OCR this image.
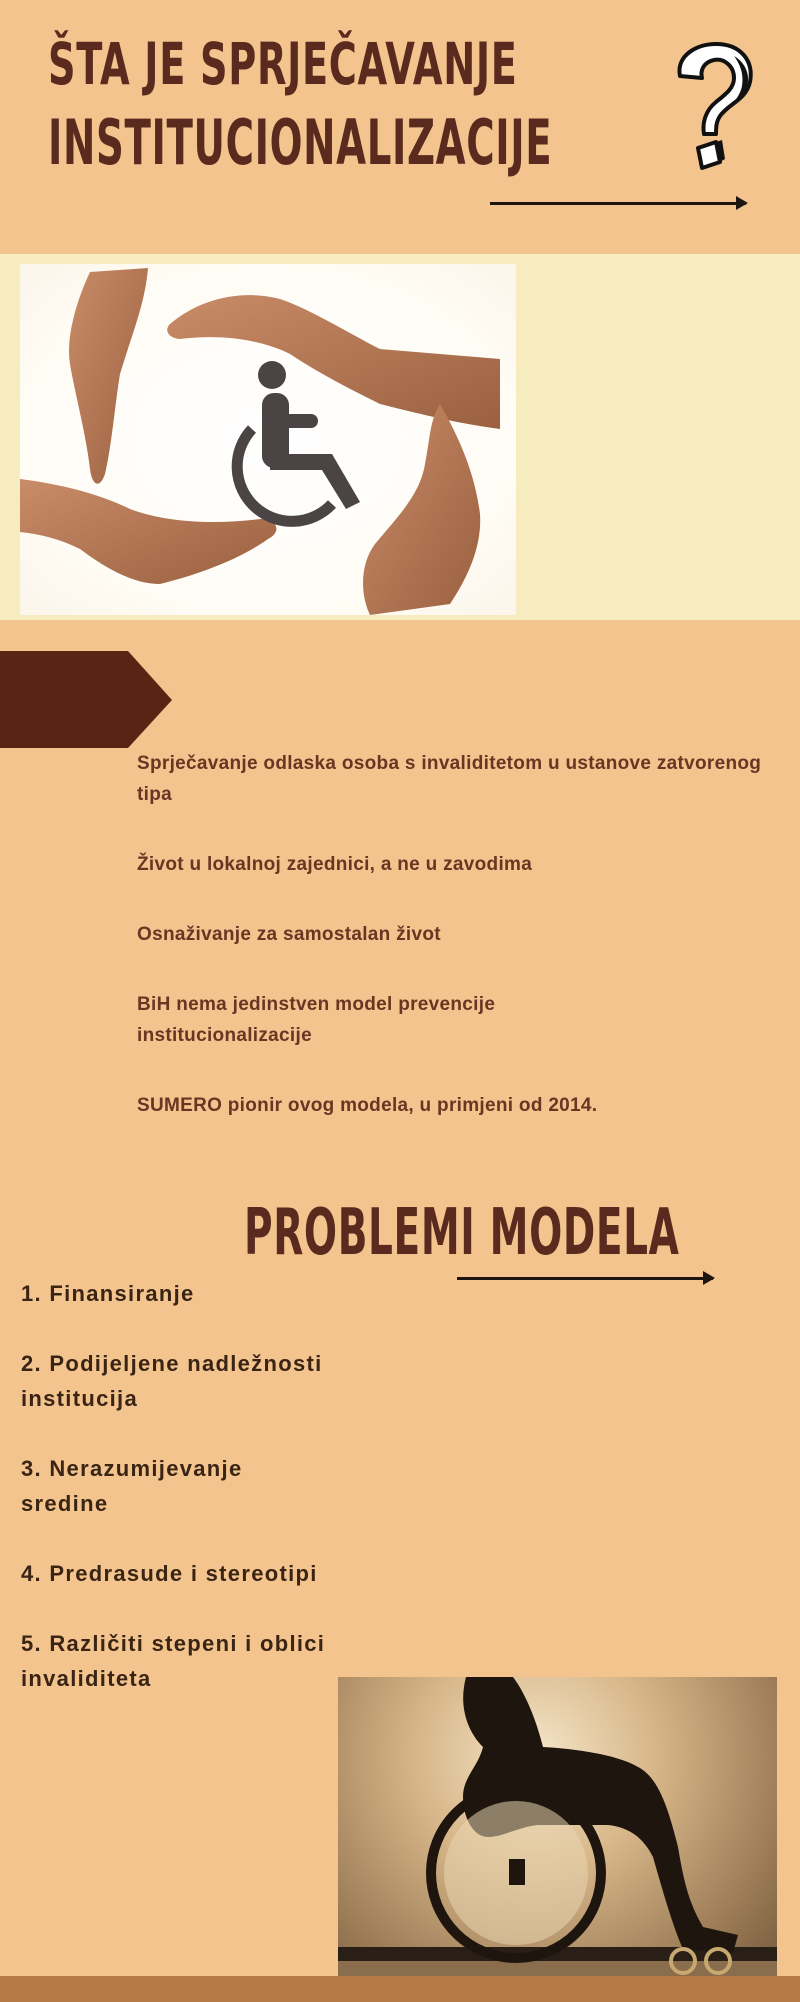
ŠTA JE SPRJEČAVANJE
INSTITUCIONALIZACIJE

Sprječavanje odlaska osoba s invaliditetom u ustanove zatvorenog tipa

Život u lokalnoj zajednici, a ne u zavodima

Osnaživanje za samostalan život

BiH nema jedinstven model prevencije institucionalizacije

SUMERO pionir ovog modela, u primjeni od 2014.

PROBLEMI MODELA
1. Finansiranje
2. Podijeljene nadležnosti institucija
3. Nerazumijevanje sredine
4. Predrasude i stereotipi
5. Različiti stepeni i oblici invaliditeta
